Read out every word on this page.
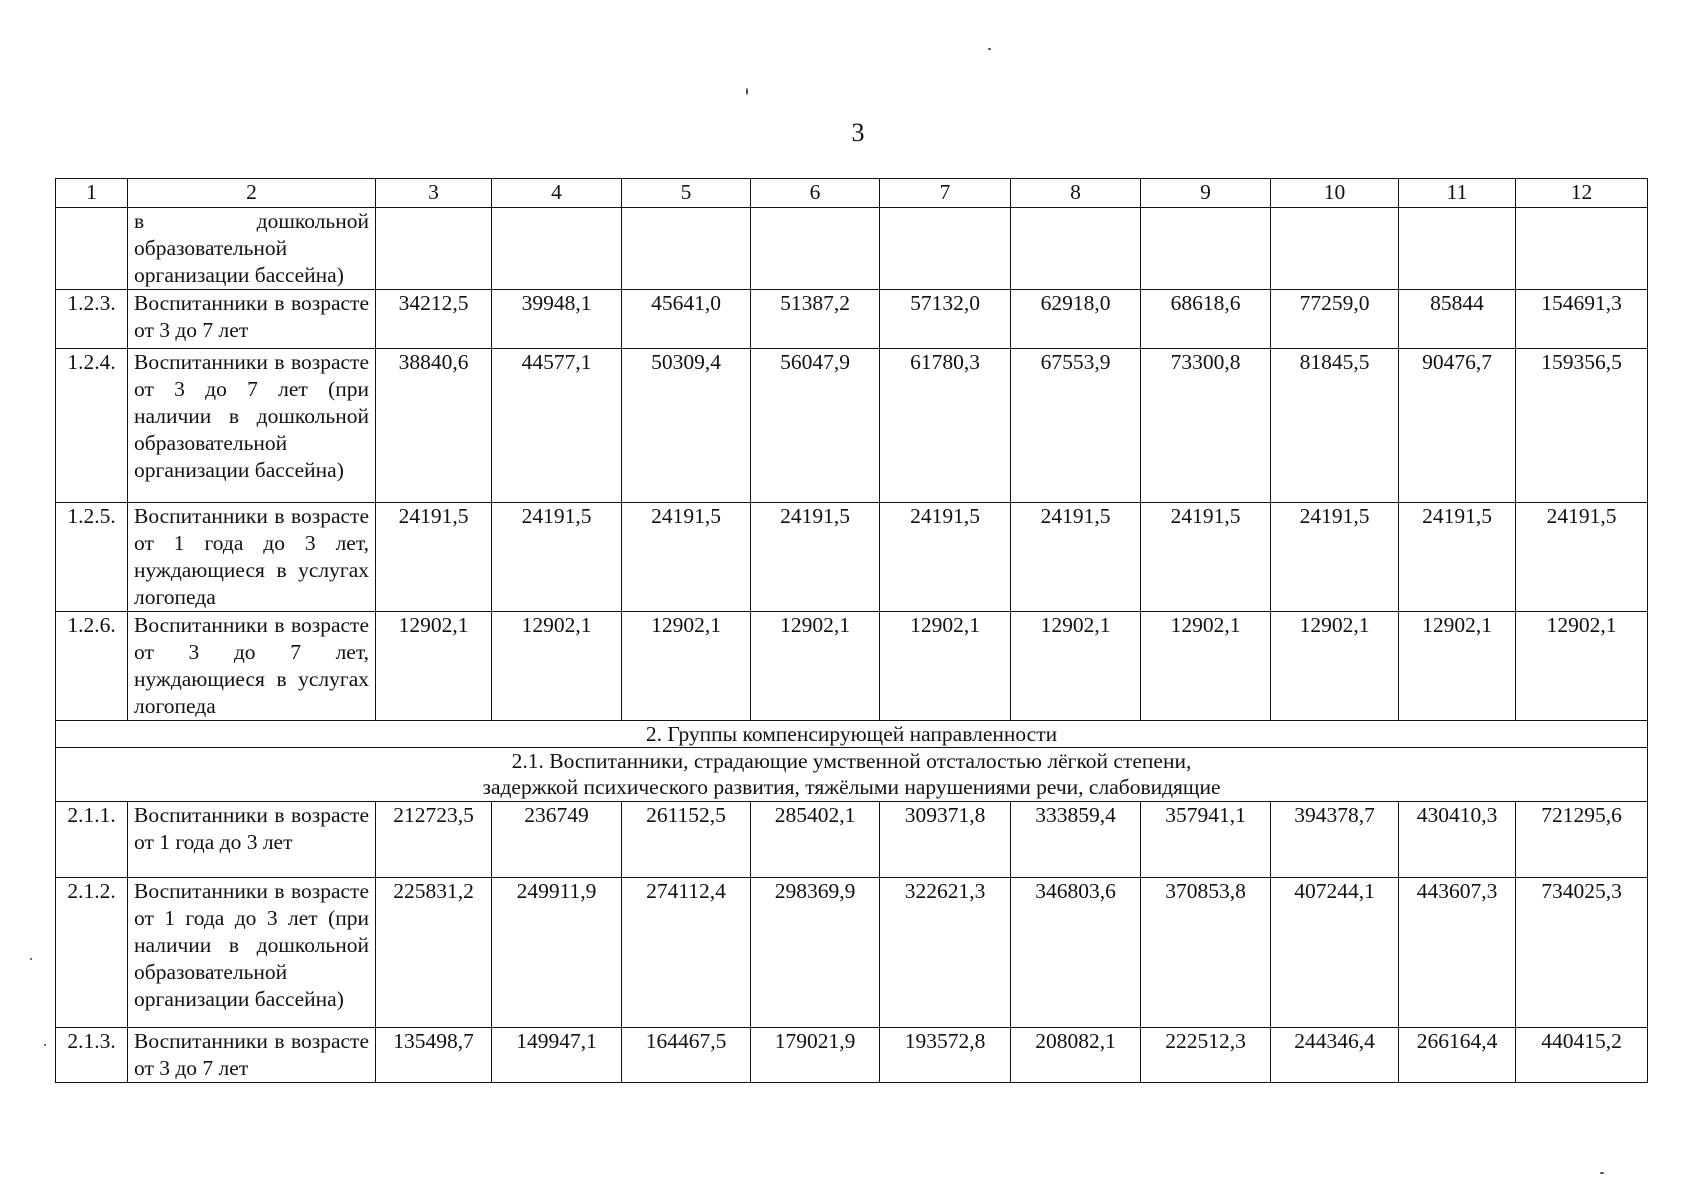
3
1	2	3	4	5	6	7	8	9	10	11	12
	в дошкольной образовательной организации бассейна)										
1.2.3.	Воспитанники в возрасте от 3 до 7 лет	34212,5	39948,1	45641,0	51387,2	57132,0	62918,0	68618,6	77259,0	85844	154691,3
1.2.4.	Воспитанники в возрасте от 3 до 7 лет (при наличии в дошкольной образовательной организации бассейна)	38840,6	44577,1	50309,4	56047,9	61780,3	67553,9	73300,8	81845,5	90476,7	159356,5
1.2.5.	Воспитанники в возрасте от 1 года до 3 лет, нуждающиеся в услугах логопеда	24191,5	24191,5	24191,5	24191,5	24191,5	24191,5	24191,5	24191,5	24191,5	24191,5
1.2.6.	Воспитанники в возрасте от 3 до 7 лет, нуждающиеся в услугах логопеда	12902,1	12902,1	12902,1	12902,1	12902,1	12902,1	12902,1	12902,1	12902,1	12902,1
2. Группы компенсирующей направленности											

2.1. Воспитанники, страдающие умственной отсталостью лёгкой степени,
задержкой психического развития, тяжёлыми нарушениями речи, слабовидящие											

2.1.1.	Воспитанники в возрасте от 1 года до 3 лет	212723,5	236749	261152,5	285402,1	309371,8	333859,4	357941,1	394378,7	430410,3	721295,6
2.1.2.	Воспитанники в возрасте от 1 года до 3 лет (при наличии в дошкольной образовательной организации бассейна)	225831,2	249911,9	274112,4	298369,9	322621,3	346803,6	370853,8	407244,1	443607,3	734025,3
2.1.3.	Воспитанники в возрасте от 3 до 7 лет	135498,7	149947,1	164467,5	179021,9	193572,8	208082,1	222512,3	244346,4	266164,4	440415,2
